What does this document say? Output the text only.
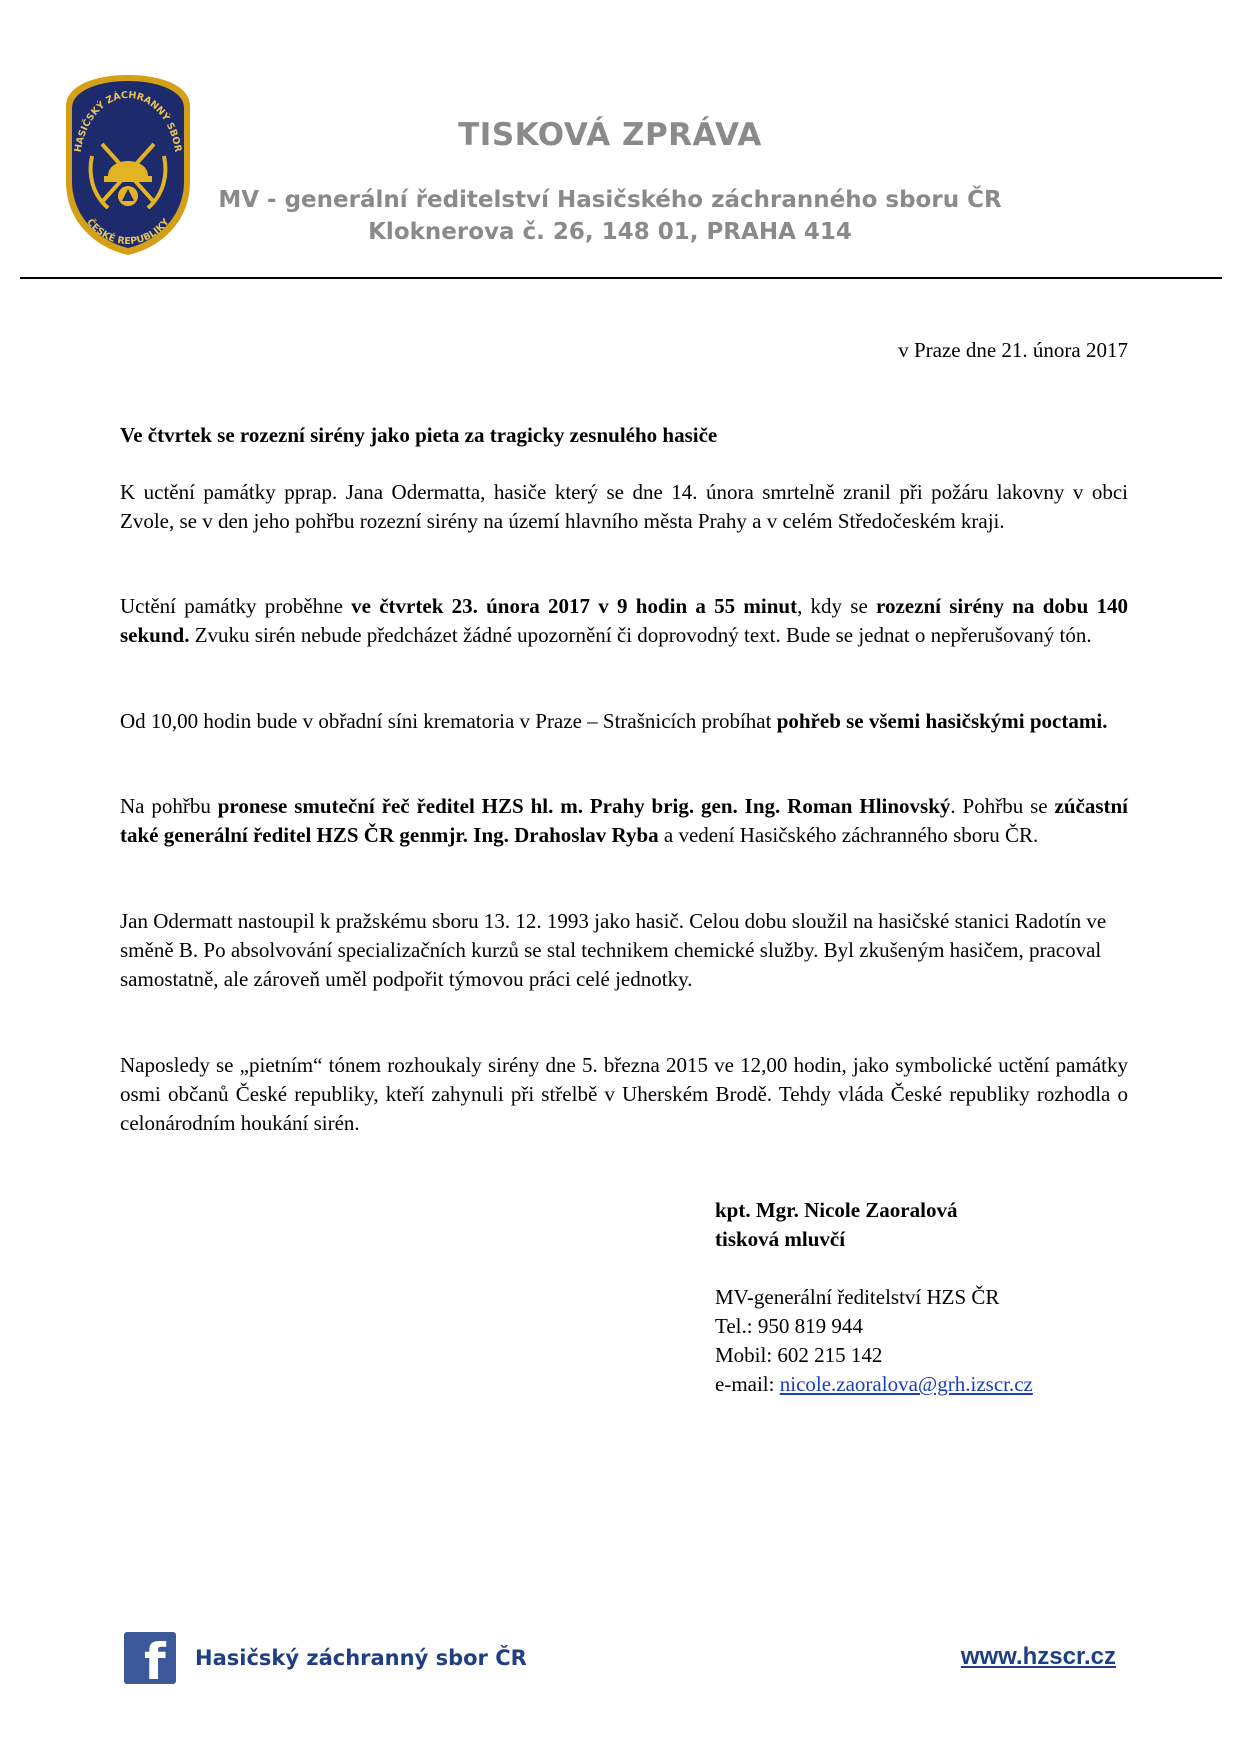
HASIČSKÝ ZÁCHRANNÝ SBOR
ČESKÉ REPUBLIKY
TISKOVÁ ZPRÁVA
MV - generální ředitelství Hasičského záchranného sboru ČR
Kloknerova č. 26, 148 01, PRAHA 414
v Praze dne 21. února 2017
Ve čtvrtek se rozezní sirény jako pieta za tragicky zesnulého hasiče

K uctění památky pprap. Jana Odermatta, hasiče který se dne 14. února smrtelně zranil při požáru lakovny v obci Zvole, se v den jeho pohřbu rozezní sirény na území hlavního města Prahy a v celém Středočeském kraji.

Uctění památky proběhne ve čtvrtek 23. února 2017 v 9 hodin a 55 minut, kdy se rozezní sirény na dobu 140 sekund. Zvuku sirén nebude předcházet žádné upozornění či doprovodný text. Bude se jednat o nepřerušovaný tón.

Od 10,00 hodin bude v obřadní síni krematoria v Praze – Strašnicích probíhat pohřeb se všemi hasičskými poctami.

Na pohřbu pronese smuteční řeč ředitel HZS hl. m. Prahy brig. gen. Ing. Roman Hlinovský. Pohřbu se zúčastní také generální ředitel HZS ČR genmjr. Ing. Drahoslav Ryba a vedení Hasičského záchranného sboru ČR.

Jan Odermatt nastoupil k pražskému sboru 13. 12. 1993 jako hasič. Celou dobu sloužil na hasičské stanici Radotín ve směně B. Po absolvování specializačních kurzů se stal technikem chemické služby. Byl zkušeným hasičem, pracoval samostatně, ale zároveň uměl podpořit týmovou práci celé jednotky.

Naposledy se „pietním“ tónem rozhoukaly sirény dne 5. března 2015 ve 12,00 hodin, jako symbolické uctění památky osmi občanů České republiky, kteří zahynuli při střelbě v Uherském Brodě. Tehdy vláda České republiky rozhodla o celonárodním houkání sirén.

kpt. Mgr. Nicole Zaoralová
tisková mluvčí
MV-generální ředitelství HZS ČR
Tel.: 950 819 944
Mobil: 602 215 142
e-mail: nicole.zaoralova@grh.izscr.cz
f Hasičský záchranný sbor ČR	www.hzscr.cz
